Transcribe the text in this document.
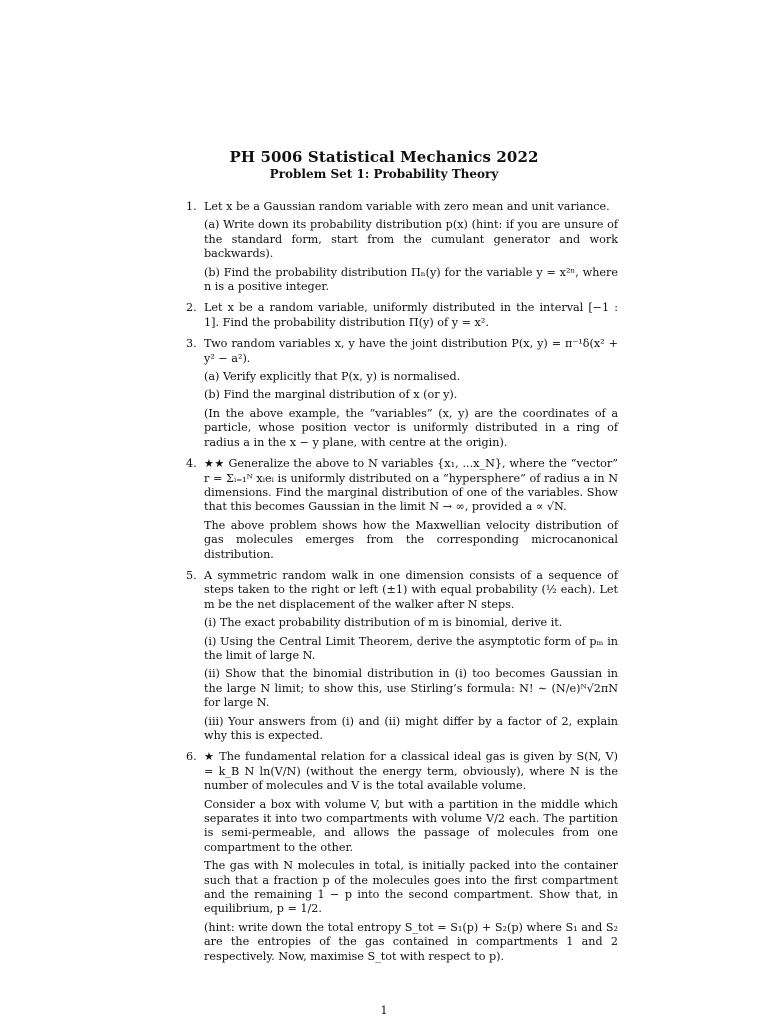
PH 5006 Statistical Mechanics 2022
Problem Set 1: Probability Theory
1. Let x be a Gaussian random variable with zero mean and unit variance.

(a) Write down its probability distribution p(x) (hint: if you are unsure of the standard form, start from the cumulant generator and work backwards).

(b) Find the probability distribution Πₙ(y) for the variable y = x²ⁿ, where n is a positive integer.

2. Let x be a random variable, uniformly distributed in the interval [−1 : 1]. Find the probability distribution Π(y) of y = x².

3. Two random variables x, y have the joint distribution P(x, y) = π⁻¹δ(x² + y² − a²).

(a) Verify explicitly that P(x, y) is normalised.

(b) Find the marginal distribution of x (or y).

(In the above example, the “variables” (x, y) are the coordinates of a particle, whose position vector is uniformly distributed in a ring of radius a in the x − y plane, with centre at the origin).

4. ★★ Generalize the above to N variables {x₁, ...x_N}, where the “vector” r = Σᵢ₌₁ᴺ xᵢeᵢ is uniformly distributed on a “hypersphere” of radius a in N dimensions. Find the marginal distribution of one of the variables. Show that this becomes Gaussian in the limit N → ∞, provided a ∝ √N.

The above problem shows how the Maxwellian velocity distribution of gas molecules emerges from the corresponding microcanonical distribution.

5. A symmetric random walk in one dimension consists of a sequence of steps taken to the right or left (±1) with equal probability (½ each). Let m be the net displacement of the walker after N steps.

(i) The exact probability distribution of m is binomial, derive it.

(i) Using the Central Limit Theorem, derive the asymptotic form of pₘ in the limit of large N.

(ii) Show that the binomial distribution in (i) too becomes Gaussian in the large N limit; to show this, use Stirling’s formula: N! ∼ (N/e)ᴺ√2πN for large N.

(iii) Your answers from (i) and (ii) might differ by a factor of 2, explain why this is expected.

6. ★ The fundamental relation for a classical ideal gas is given by S(N, V) = k_B N ln(V/N) (without the energy term, obviously), where N is the number of molecules and V is the total available volume.

Consider a box with volume V, but with a partition in the middle which separates it into two compartments with volume V/2 each. The partition is semi-permeable, and allows the passage of molecules from one compartment to the other.

The gas with N molecules in total, is initially packed into the container such that a fraction p of the molecules goes into the first compartment and the remaining 1 − p into the second compartment. Show that, in equilibrium, p = 1/2.

(hint: write down the total entropy S_tot = S₁(p) + S₂(p) where S₁ and S₂ are the entropies of the gas contained in compartments 1 and 2 respectively. Now, maximise S_tot with respect to p).

1
